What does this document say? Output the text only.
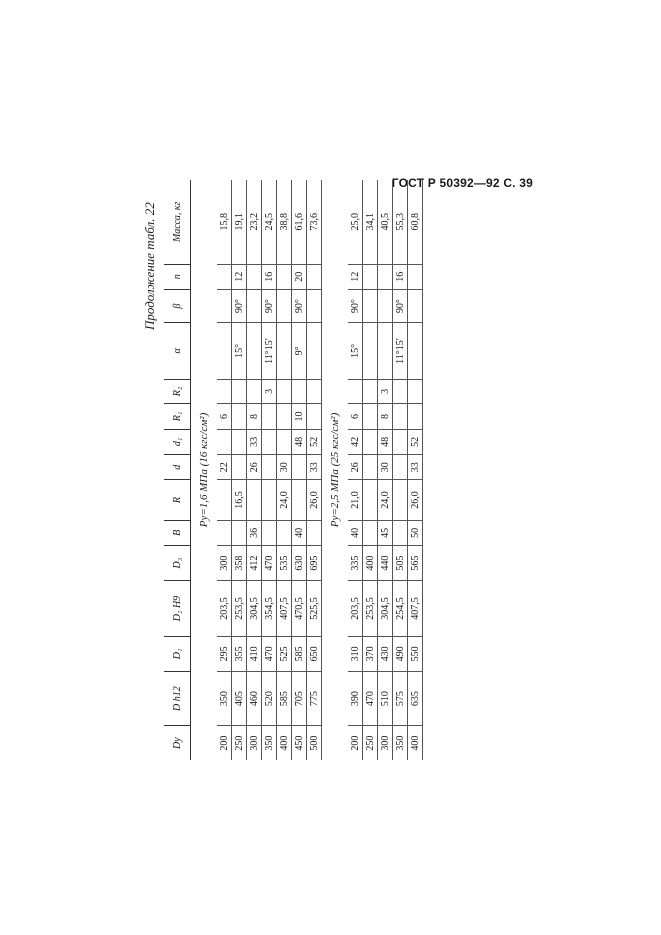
ГОСТ Р 50392—92 С. 39
Продолжение табл. 22
Dу	D h12	D₁	D₂ H9	D₃	B	R	d	d₁	R₁	R₂	α	β	n	Масса, кг
Pу=1,6 МПа (16 кгс/см²)														
200	350	295	203,5	300			22		6					15,8
250	405	355	253,5	358		16,5					15°	90°	12	19,1
300	460	410	304,5	412	36		26	33	8					23,2
350	520	470	354,5	470						3	11°15′	90°	16	24,5
400	585	525	407,5	535		24,0	30							38,8
450	705	585	470,5	630	40			48	10		9°	90°	20	61,6
500	775	650	525,5	695		26,0	33	52						73,6
Pу=2,5 МПа (25 кгс/см²)														
200	390	310	203,5	335	40	21,0	26	42	6		15°	90°	12	25,0
250	470	370	253,5	400										34,1
300	510	430	304,5	440	45	24,0	30	48	8	3				40,5
350	575	490	254,5	505							11°15′	90°	16	55,3
400	635	550	407,5	565	50	26,0	33	52						60,8
